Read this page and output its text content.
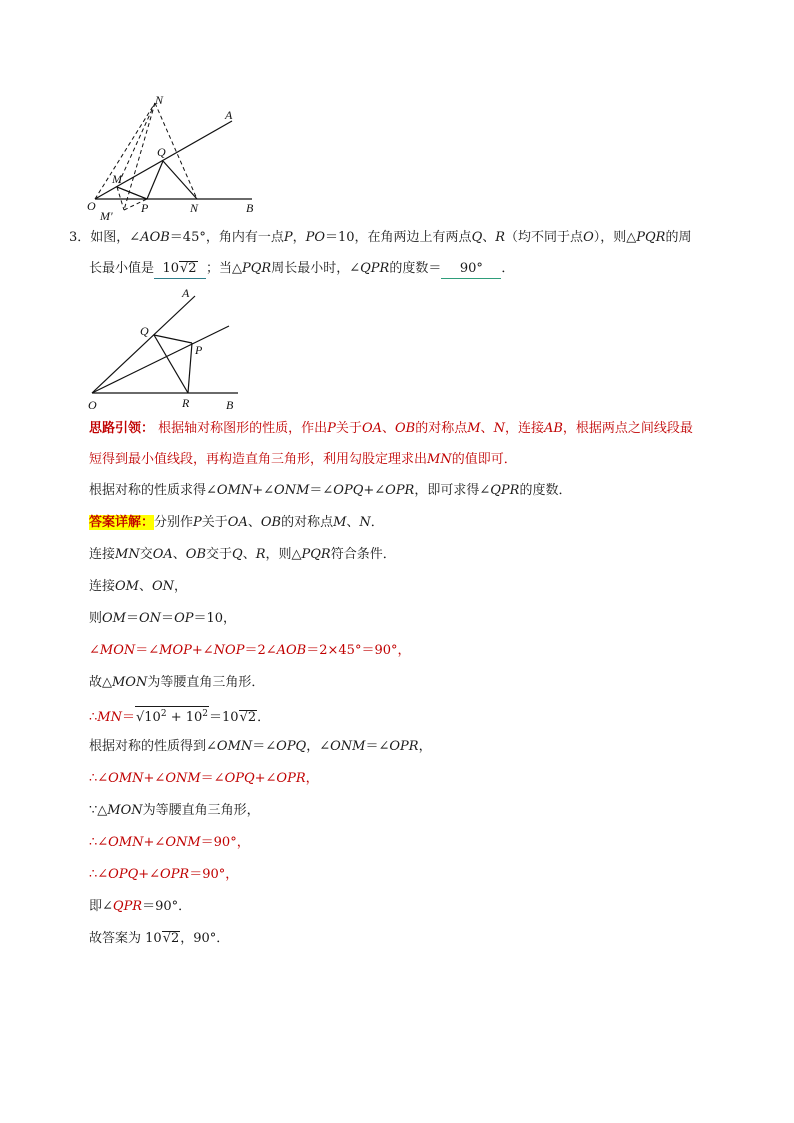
N
A
Q
M
O
M'
P	N	B
3．如图，∠AOB＝45°，角内有一点P，PO＝10，在角两边上有两点Q、R（均不同于点O），则△PQR的周
长最小值是 10√2 ；当△PQR周长最小时，∠QPR的度数＝ 90° ．
A
Q
P
O	R	B
思路引领： 根据轴对称图形的性质，作出P关于OA、OB的对称点M、N，连接AB，根据两点之间线段最
短得到最小值线段，再构造直角三角形，利用勾股定理求出MN的值即可．
根据对称的性质求得∠OMN+∠ONM＝∠OPQ+∠OPR，即可求得∠QPR的度数．
答案详解：分别作P关于OA、OB的对称点M、N．
连接MN交OA、OB交于Q、R，则△PQR符合条件．
连接OM、ON，
则OM＝ON＝OP＝10，
∠MON＝∠MOP+∠NOP＝2∠AOB＝2×45°＝90°，
故△MON为等腰直角三角形．
$\therefore MN=√10^2 + 10^2=10√2$．
根据对称的性质得到∠OMN＝∠OPQ，∠ONM＝∠OPR，
∴∠OMN+∠ONM＝∠OPQ+∠OPR，
∵△MON为等腰直角三角形，
∴∠OMN+∠ONM＝90°，
∴∠OPQ+∠OPR＝90°，
即∠QPR＝90°．
故答案为 10√2，90°．
